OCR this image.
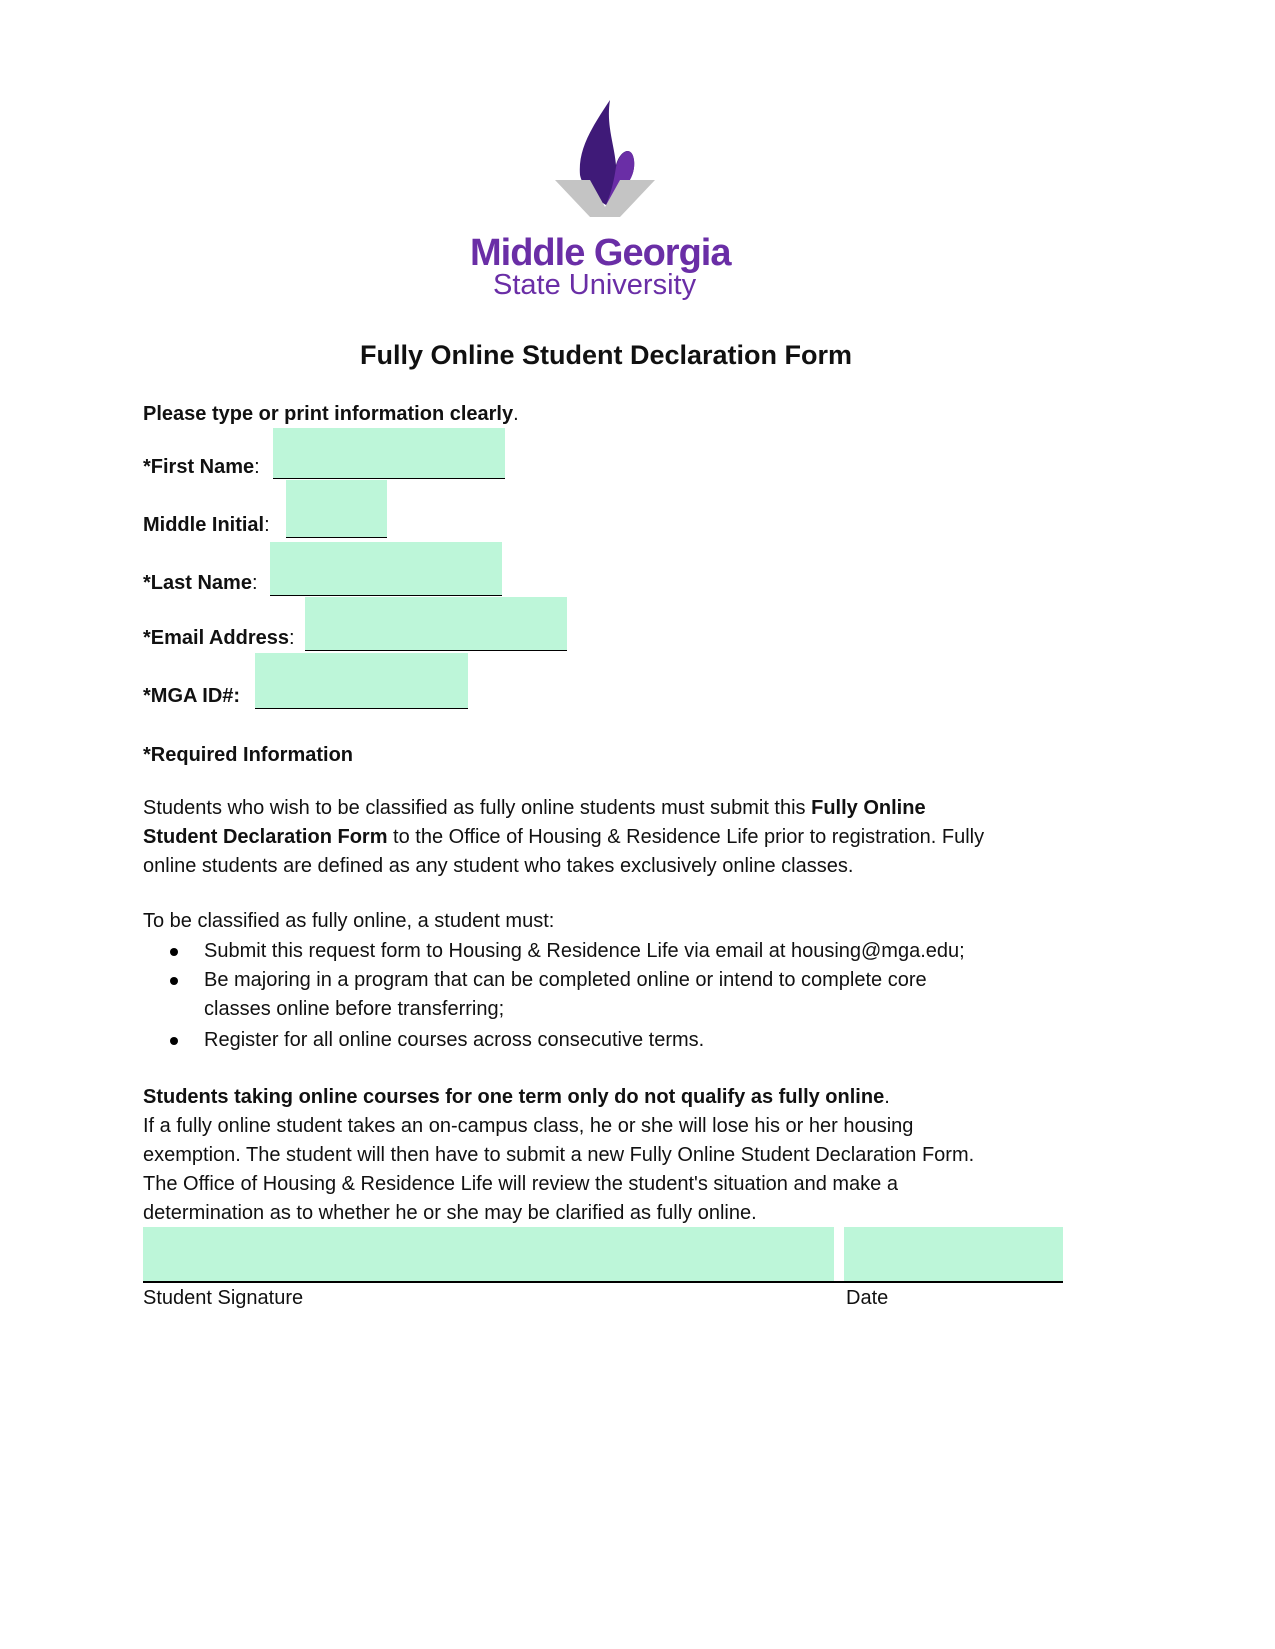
Middle Georgia
State University
Fully Online Student Declaration Form
Please type or print information clearly.
*First Name:
Middle Initial:
*Last Name:
*Email Address:
*MGA ID#:
*Required Information
Students who wish to be classified as fully online students must submit this Fully Online
Student Declaration Form to the Office of Housing & Residence Life prior to registration. Fully
online students are defined as any student who takes exclusively online classes.
To be classified as fully online, a student must:
Submit this request form to Housing & Residence Life via email at housing@mga.edu;
Be majoring in a program that can be completed online or intend to complete core
classes online before transferring;
Register for all online courses across consecutive terms.
Students taking online courses for one term only do not qualify as fully online.
If a fully online student takes an on-campus class, he or she will lose his or her housing
exemption. The student will then have to submit a new Fully Online Student Declaration Form.
The Office of Housing & Residence Life will review the student's situation and make a
determination as to whether he or she may be clarified as fully online.
Student Signature	Date
